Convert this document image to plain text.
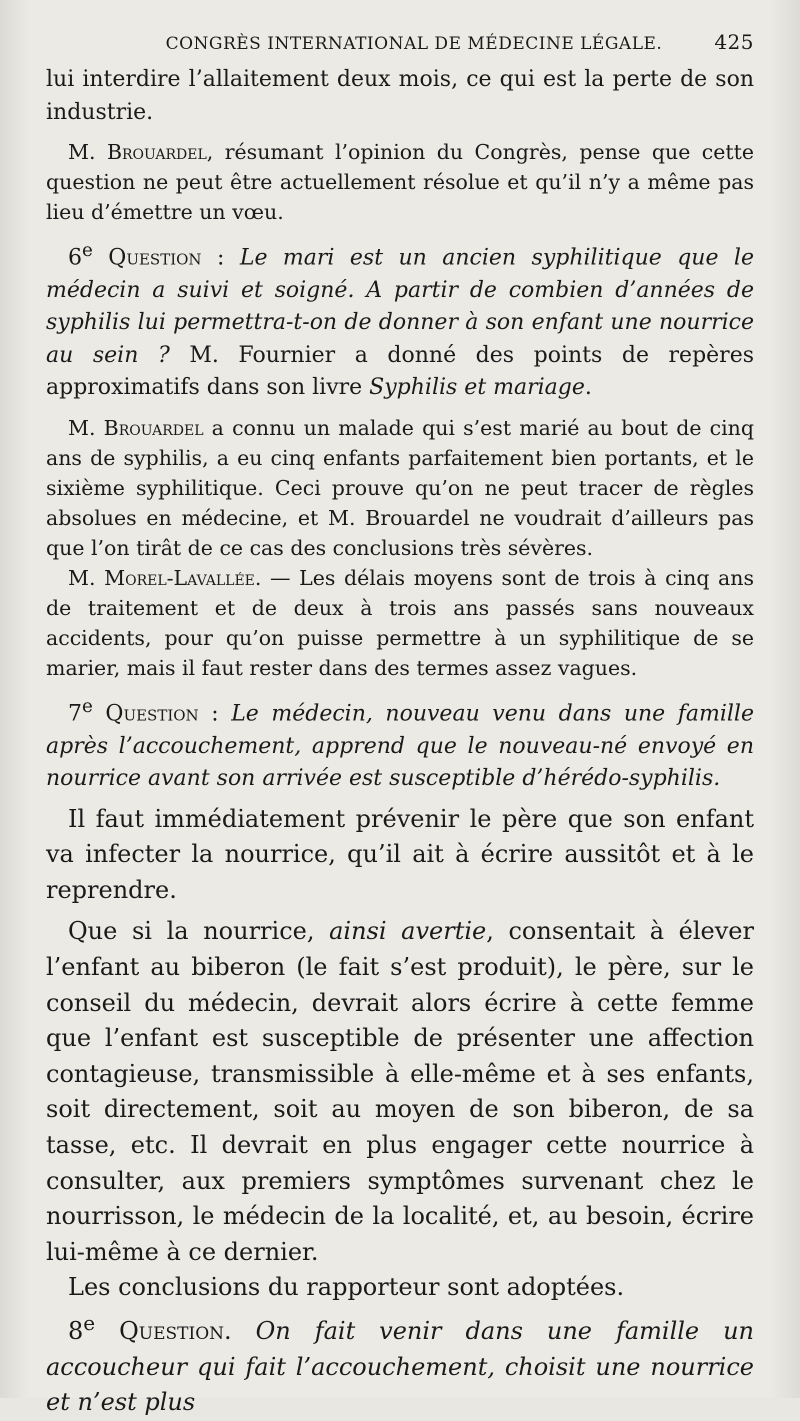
CONGRÈS INTERNATIONAL DE MÉDECINE LÉGALE.	425

lui interdire l’allaitement deux mois, ce qui est la perte de son industrie.

M. Brouardel, résumant l’opinion du Congrès, pense que cette question ne peut être actuellement résolue et qu’il n’y a même pas lieu d’émettre un vœu.

6e Question : Le mari est un ancien syphilitique que le médecin a suivi et soigné. A partir de combien d’années de syphilis lui permettra-t-on de donner à son enfant une nourrice au sein ? M. Fournier a donné des points de repères approximatifs dans son livre Syphilis et mariage.

M. Brouardel a connu un malade qui s’est marié au bout de cinq ans de syphilis, a eu cinq enfants parfaitement bien portants, et le sixième syphilitique. Ceci prouve qu’on ne peut tracer de règles absolues en médecine, et M. Brouardel ne voudrait d’ailleurs pas que l’on tirât de ce cas des conclusions très sévères.

M. Morel-Lavallée. — Les délais moyens sont de trois à cinq ans de traitement et de deux à trois ans passés sans nouveaux accidents, pour qu’on puisse permettre à un syphilitique de se marier, mais il faut rester dans des termes assez vagues.

7e Question : Le médecin, nouveau venu dans une famille après l’accouchement, apprend que le nouveau-né envoyé en nourrice avant son arrivée est susceptible d’hérédo-syphilis.

Il faut immédiatement prévenir le père que son enfant va infecter la nourrice, qu’il ait à écrire aussitôt et à le reprendre.

Que si la nourrice, ainsi avertie, consentait à élever l’enfant au biberon (le fait s’est produit), le père, sur le conseil du médecin, devrait alors écrire à cette femme que l’enfant est susceptible de présenter une affection contagieuse, transmissible à elle-même et à ses enfants, soit directement, soit au moyen de son biberon, de sa tasse, etc. Il devrait en plus engager cette nourrice à consulter, aux premiers symptômes survenant chez le nourrisson, le médecin de la localité, et, au besoin, écrire lui-même à ce dernier.

Les conclusions du rapporteur sont adoptées.

8e Question. On fait venir dans une famille un accoucheur qui fait l’accouchement, choisit une nourrice et n’est plus
